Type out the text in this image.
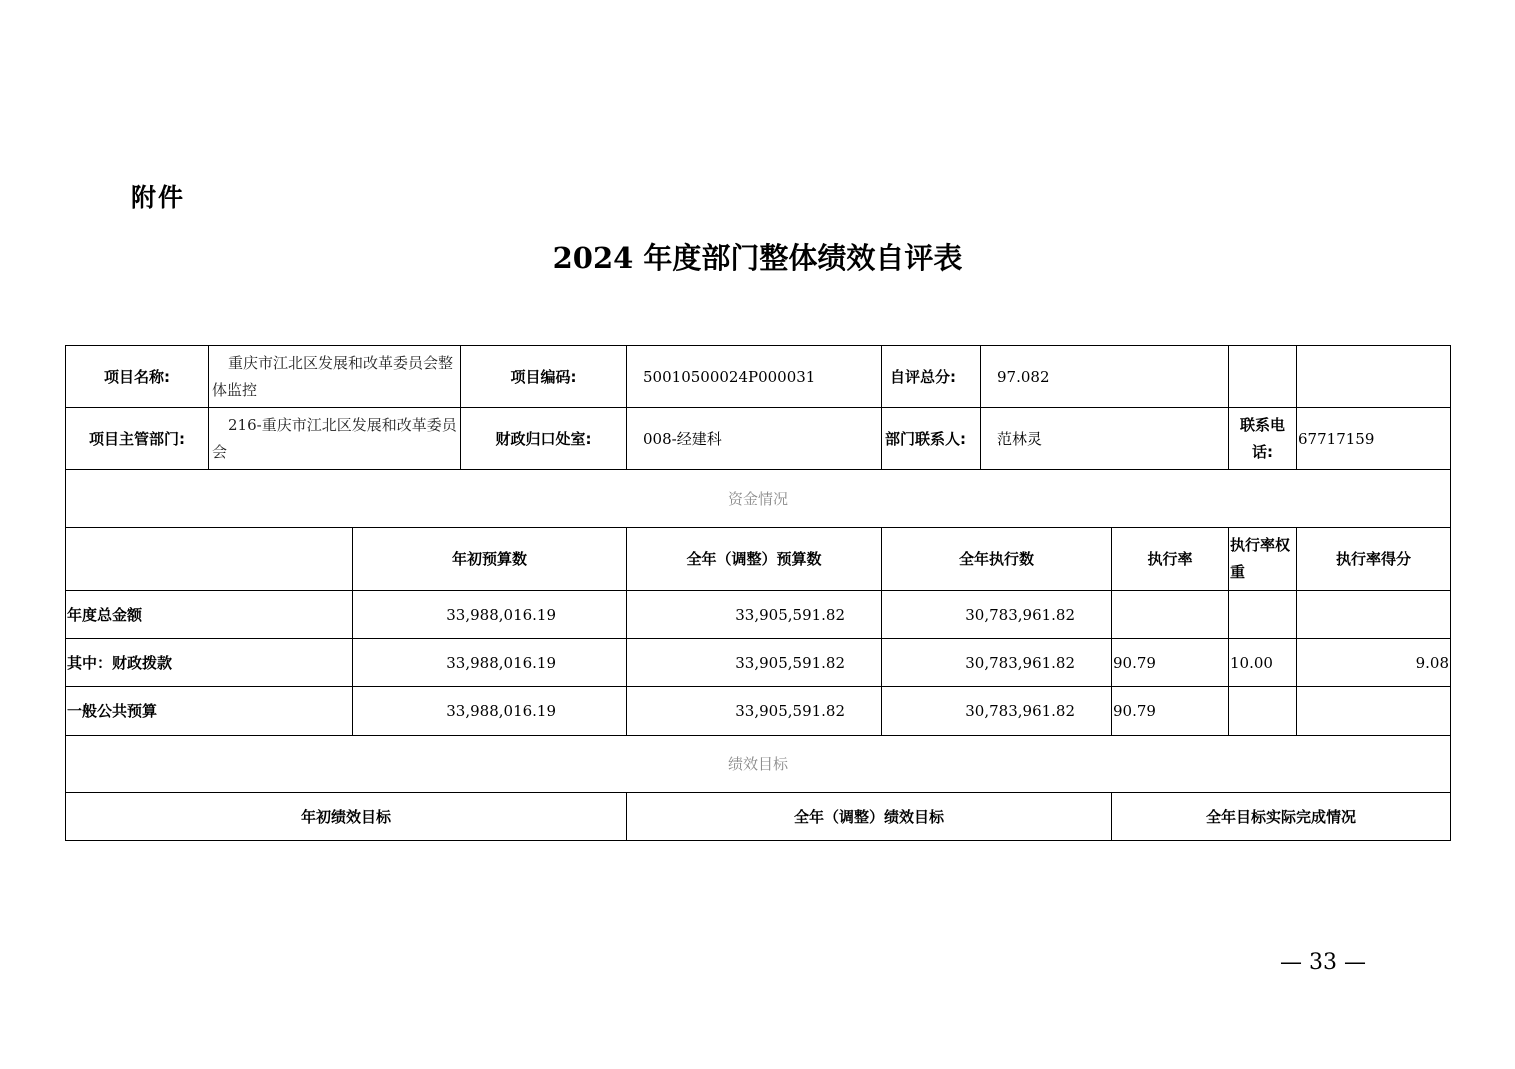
附件
2024 年度部门整体绩效自评表
项目名称:	重庆市江北区发展和改革委员会整体监控		项目编码:	50010500024P000031	自评总分:	97.082			
项目主管部门:	216-重庆市江北区发展和改革委员会		财政归口处室:	008-经建科	部门联系人:	范林灵		联系电话:	67717159
资金情况									
		年初预算数		全年（调整）预算数	全年执行数		执行率	执行率权重	执行率得分
年度总金额		33,988,016.19		33,905,591.82	30,783,961.82				
其中：财政拨款		33,988,016.19		33,905,591.82	30,783,961.82		90.79	10.00	9.08
一般公共预算		33,988,016.19		33,905,591.82	30,783,961.82		90.79		
绩效目标									
年初绩效目标				全年（调整）绩效目标			全年目标实际完成情况		
— 33 —
